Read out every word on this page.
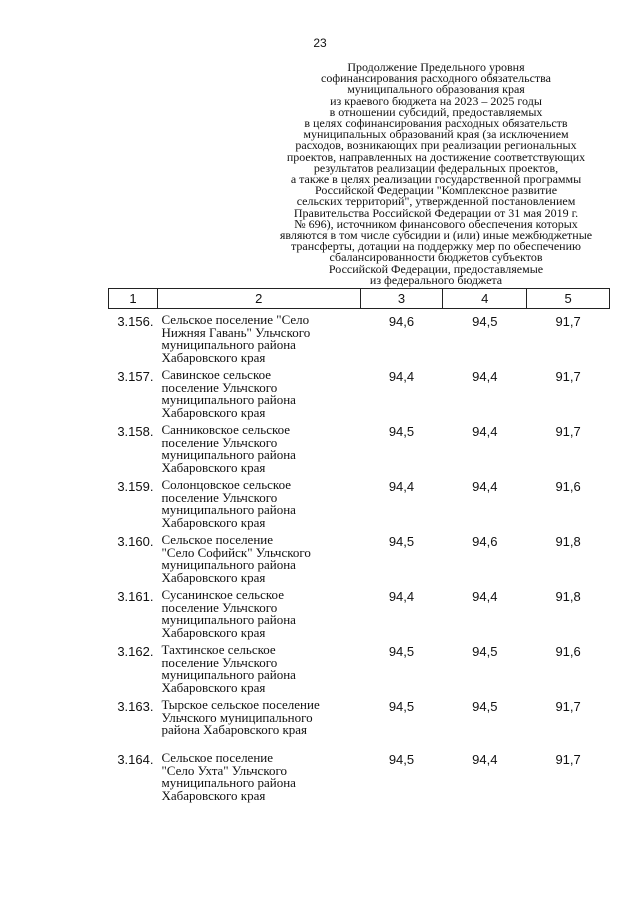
23
Продолжение Предельного уровня
софинансирования расходного обязательства
муниципального образования края
из краевого бюджета на 2023 – 2025 годы
в отношении субсидий, предоставляемых
в целях софинансирования расходных обязательств
муниципальных образований края (за исключением
расходов, возникающих при реализации региональных
проектов, направленных на достижение соответствующих
результатов реализации федеральных проектов,
а также в целях реализации государственной программы
Российской Федерации "Комплексное развитие
сельских территорий", утвержденной постановлением
Правительства Российской Федерации от 31 мая 2019 г.
№ 696), источником финансового обеспечения которых
являются в том числе субсидии и (или) иные межбюджетные
трансферты, дотации на поддержку мер по обеспечению
сбалансированности бюджетов субъектов
Российской Федерации, предоставляемые
из федерального бюджета
1	2	3	4	5
3.156.	Сельское поселение "Село
Нижняя Гавань" Ульчского
муниципального района
Хабаровского края	94,6	94,5	91,7
3.157.	Савинское сельское
поселение Ульчского
муниципального района
Хабаровского края	94,4	94,4	91,7
3.158.	Санниковское сельское
поселение Ульчского
муниципального района
Хабаровского края	94,5	94,4	91,7
3.159.	Солонцовское сельское
поселение Ульчского
муниципального района
Хабаровского края	94,4	94,4	91,6
3.160.	Сельское поселение
"Село Софийск" Ульчского
муниципального района
Хабаровского края	94,5	94,6	91,8
3.161.	Сусанинское сельское
поселение Ульчского
муниципального района
Хабаровского края	94,4	94,4	91,8
3.162.	Тахтинское сельское
поселение Ульчского
муниципального района
Хабаровского края	94,5	94,5	91,6
3.163.	Тырское сельское поселение
Ульчского муниципального
района Хабаровского края	94,5	94,5	91,7
3.164.	Сельское поселение
"Село Ухта" Ульчского
муниципального района
Хабаровского края	94,5	94,4	91,7
